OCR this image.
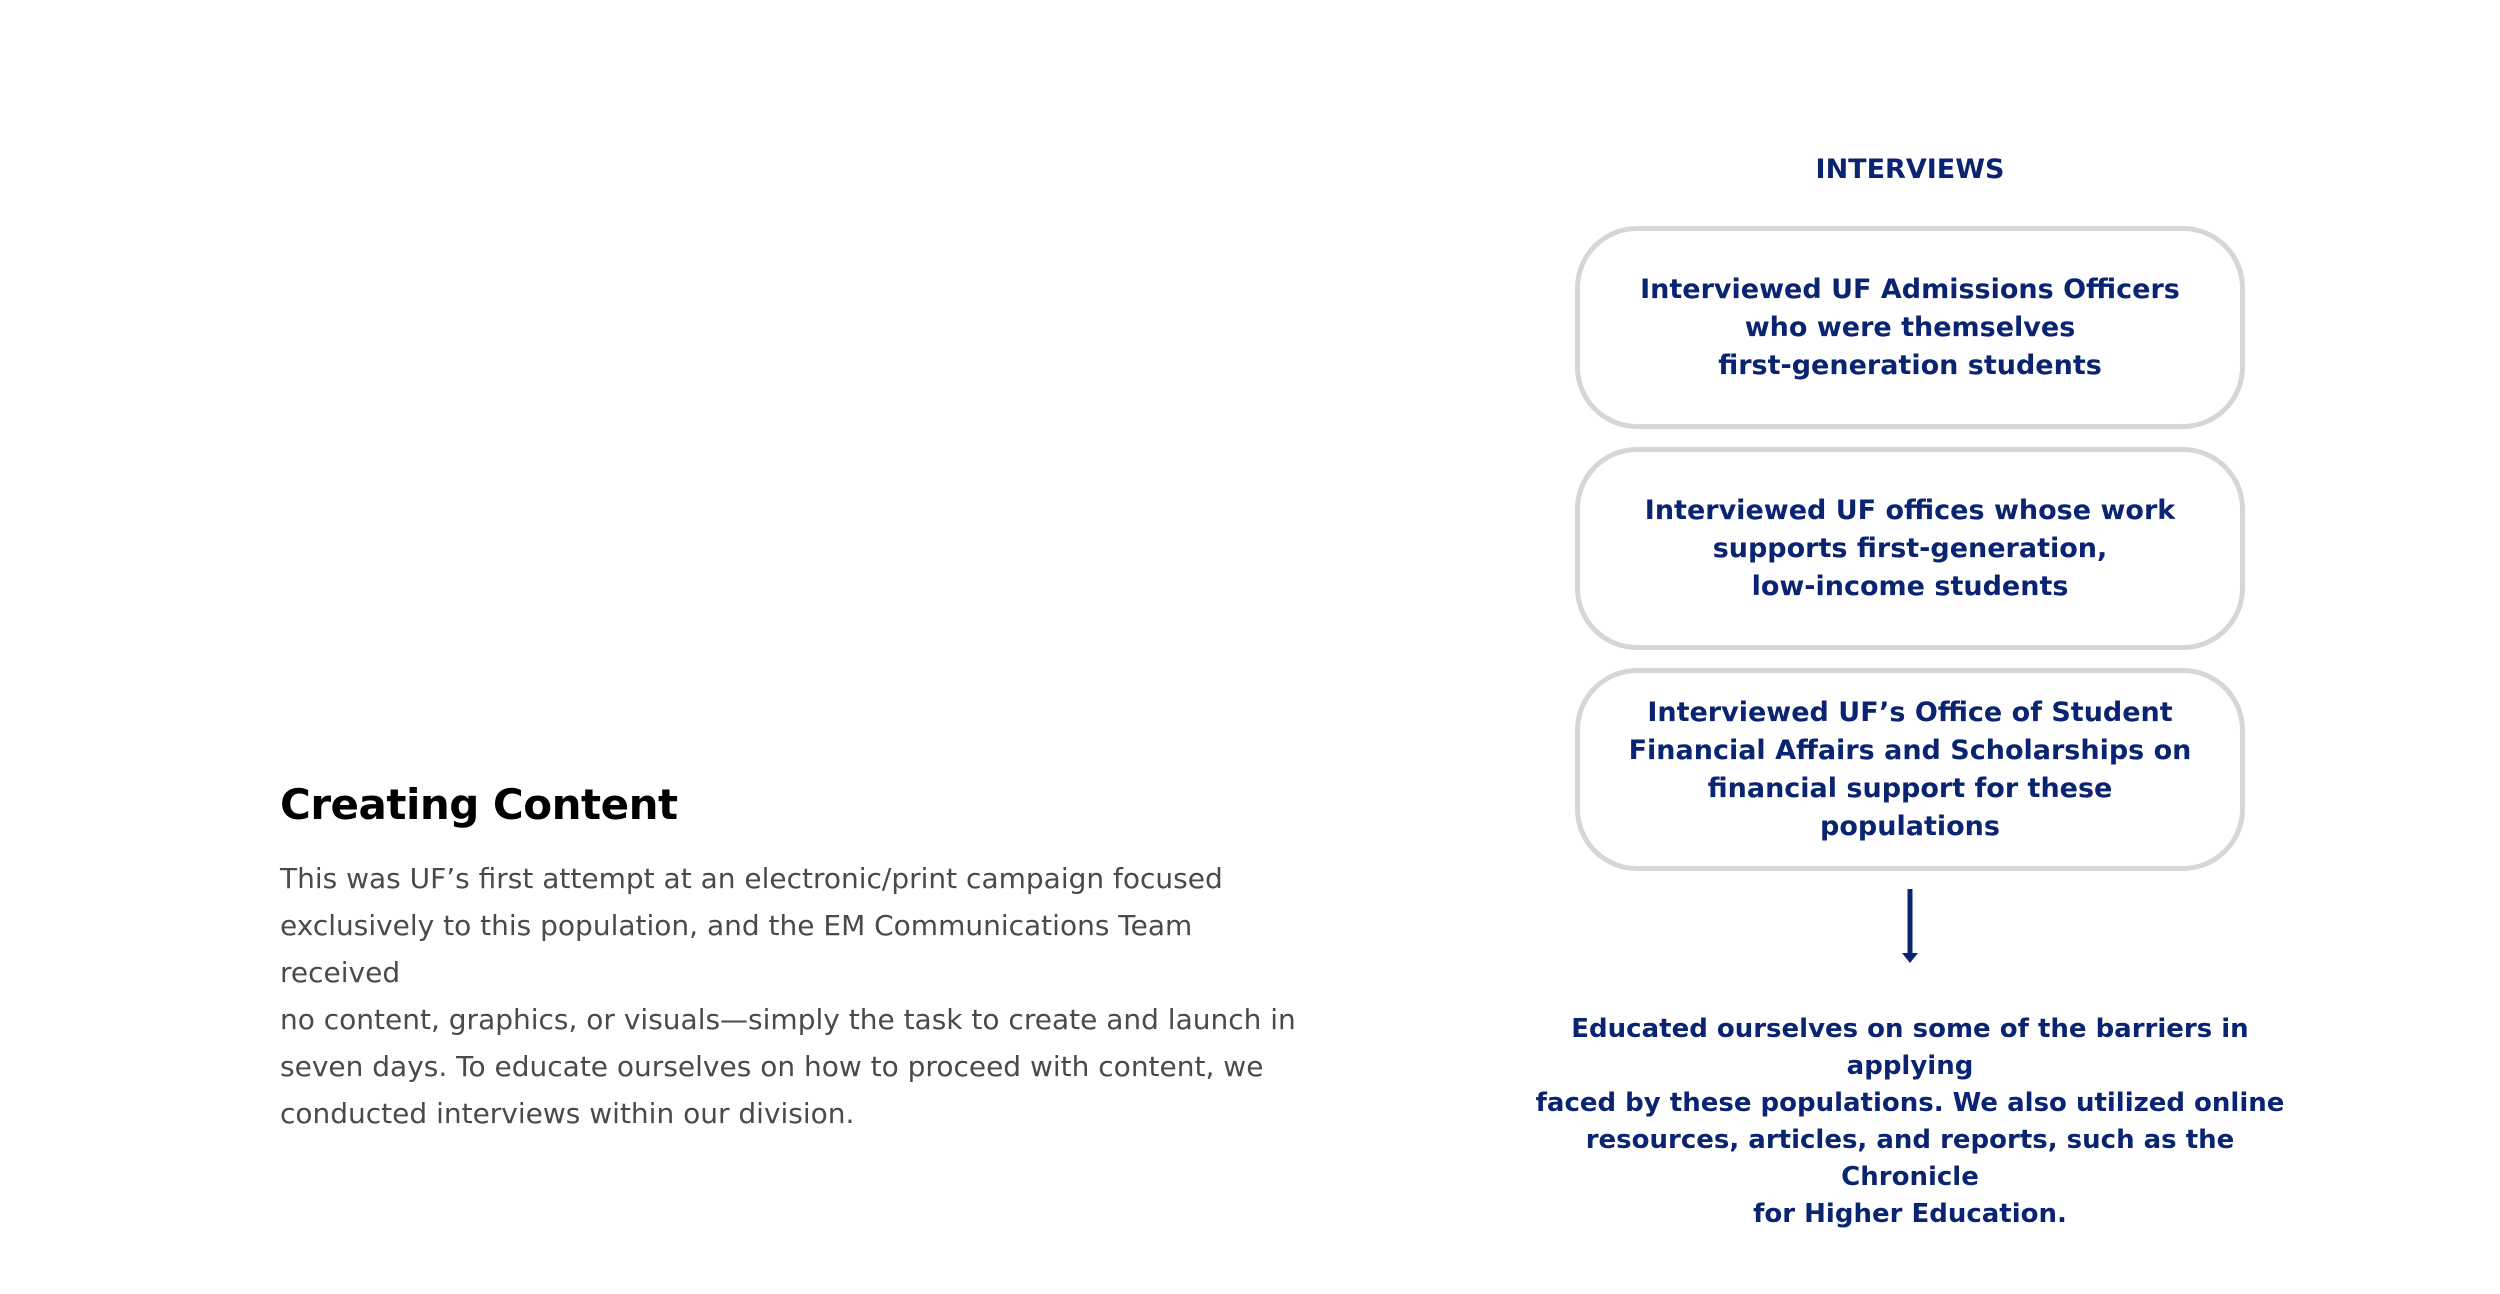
Creating Content

This was UF’s first attempt at an electronic/print campaign focused
exclusively to this population, and the EM Communications Team received
no content, graphics, or visuals—simply the task to create and launch in
seven days. To educate ourselves on how to proceed with content, we
conducted interviews within our division.

INTERVIEWS
Interviewed UF Admissions Officers
who were themselves
first-generation students
Interviewed UF offices whose work
supports first-generation,
low-income students
Interviewed UF’s Office of Student
Financial Affairs and Scholarships on
financial support for these populations
Educated ourselves on some of the barriers in applying
faced by these populations. We also utilized online
resources, articles, and reports, such as the Chronicle
for Higher Education.
